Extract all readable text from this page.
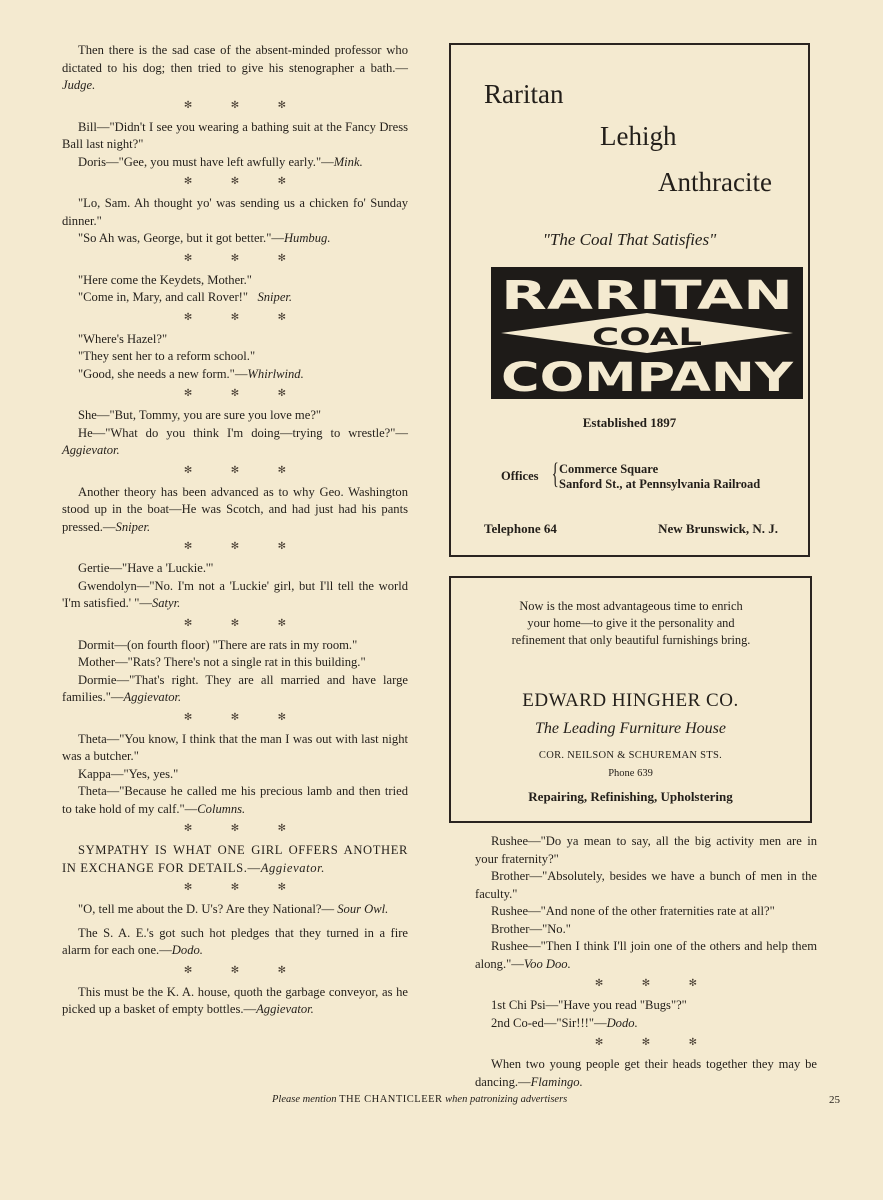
Then there is the sad case of the absent-minded professor who dictated to his dog; then tried to give his stenographer a bath.—Judge.

✻ ✻ ✻

Bill—"Didn't I see you wearing a bathing suit at the Fancy Dress Ball last night?"

Doris—"Gee, you must have left awfully early."—Mink.

✻ ✻ ✻

"Lo, Sam. Ah thought yo' was sending us a chicken fo' Sunday dinner."

"So Ah was, George, but it got better."—Humbug.

✻ ✻ ✻

"Here come the Keydets, Mother."

"Come in, Mary, and call Rover!" Sniper.

✻ ✻ ✻

"Where's Hazel?"

"They sent her to a reform school."

"Good, she needs a new form."—Whirlwind.

✻ ✻ ✻

She—"But, Tommy, you are sure you love me?"

He—"What do you think I'm doing—trying to wrestle?"—Aggievator.

✻ ✻ ✻

Another theory has been advanced as to why Geo. Washington stood up in the boat—He was Scotch, and had just had his pants pressed.—Sniper.

✻ ✻ ✻

Gertie—"Have a 'Luckie.'"

Gwendolyn—"No. I'm not a 'Luckie' girl, but I'll tell the world 'I'm satisfied.' "—Satyr.

✻ ✻ ✻

Dormit—(on fourth floor) "There are rats in my room."

Mother—"Rats? There's not a single rat in this building."

Dormie—"That's right. They are all married and have large families."—Aggievator.

✻ ✻ ✻

Theta—"You know, I think that the man I was out with last night was a butcher."

Kappa—"Yes, yes."

Theta—"Because he called me his precious lamb and then tried to take hold of my calf."—Columns.

✻ ✻ ✻

SYMPATHY IS WHAT ONE GIRL OFFERS ANOTHER IN EXCHANGE FOR DETAILS.—Aggievator.

✻ ✻ ✻

"O, tell me about the D. U's? Are they National?— Sour Owl.

The S. A. E.'s got such hot pledges that they turned in a fire alarm for each one.—Dodo.

✻ ✻ ✻

This must be the K. A. house, quoth the garbage conveyor, as he picked up a basket of empty bottles.—Aggievator.

Raritan
Lehigh
Anthracite
"The Coal That Satisfies"
RARITAN
COAL
COMPANY
Established 1897
Offices { Commerce Square
Sanford St., at Pennsylvania Railroad
Telephone 64	New Brunswick, N. J.
Now is the most advantageous time to enrich your home—to give it the personality and refinement that only beautiful furnishings bring.
EDWARD HINGHER CO.
The Leading Furniture House
COR. NEILSON & SCHUREMAN STS.
Phone 639
Repairing, Refinishing, Upholstering

Rushee—"Do ya mean to say, all the big activity men are in your fraternity?"

Brother—"Absolutely, besides we have a bunch of men in the faculty."

Rushee—"And none of the other fraternities rate at all?"

Brother—"No."

Rushee—"Then I think I'll join one of the others and help them along."—Voo Doo.

✻ ✻ ✻

1st Chi Psi—"Have you read "Bugs"?"

2nd Co-ed—"Sir!!!"—Dodo.

✻ ✻ ✻

When two young people get their heads together they may be dancing.—Flamingo.

Please mention THE CHANTICLEER when patronizing advertisers	25
